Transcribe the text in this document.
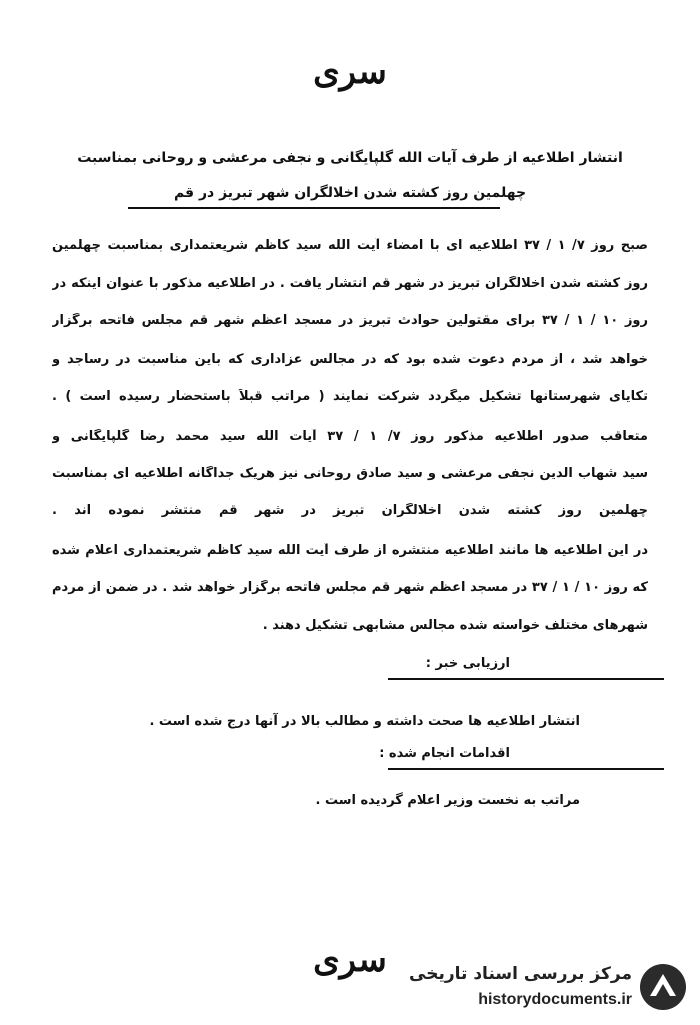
سری
انتشار اطلاعیه از طرف آیات الله گلپایگانی و نجفی مرعشی و روحانی بمناسبت
چهلمین روز کشته شدن اخلالگران شهر تبریز در قم
صبح روز ۷/ ۱ / ۳۷ اطلاعیه ای با امضاء آیت الله سید کاظم شریعتمداری بمناسبت چهلمین
روز کشته شدن اخلالگران تبریز در شهر قم انتشار یافت . در اطلاعیه مذکور با عنوان اینکه در
روز ۱۰ / ۱ / ۳۷ برای مقتولین حوادث تبریز در مسجد اعظم شهر قم مجلس فاتحه برگزار
خواهد شد ، از مردم دعوت شده بود که در مجالس عزاداری که باین مناسبت در رساجد و
تکایای شهرستانها تشکیل میگردد شرکت نمایند ( مراتب قبلاً باستحضار رسیده است ) .
متعاقب صدور اطلاعیه مذکور روز ۷/ ۱ / ۳۷ آیات الله سید محمد رضا گلپایگانی و
سید شهاب الدین نجفی مرعشی و سید صادق روحانی نیز هریک جداگانه اطلاعیه ای بمناسبت
چهلمین روز کشته شدن اخلالگران تبریز در شهر قم منتشر نموده اند .
در این اطلاعیه ها مانند اطلاعیه منتشره از طرف آیت الله سید کاظم شریعتمداری اعلام شده
که روز ۱۰ / ۱ / ۳۷ در مسجد اعظم شهر قم مجلس فاتحه برگزار خواهد شد . در ضمن از مردم
شهرهای مختلف خواسته شده مجالس مشابهی تشکیل دهند .
ارزیابی خبر :
انتشار اطلاعیه ها صحت داشته و مطالب بالا در آنها درج شده است .
اقدامات انجام شده :
مراتب به نخست وزیر اعلام گردیده است .
سری	مرکز بررسی اسناد تاریخی
historydocuments.ir
